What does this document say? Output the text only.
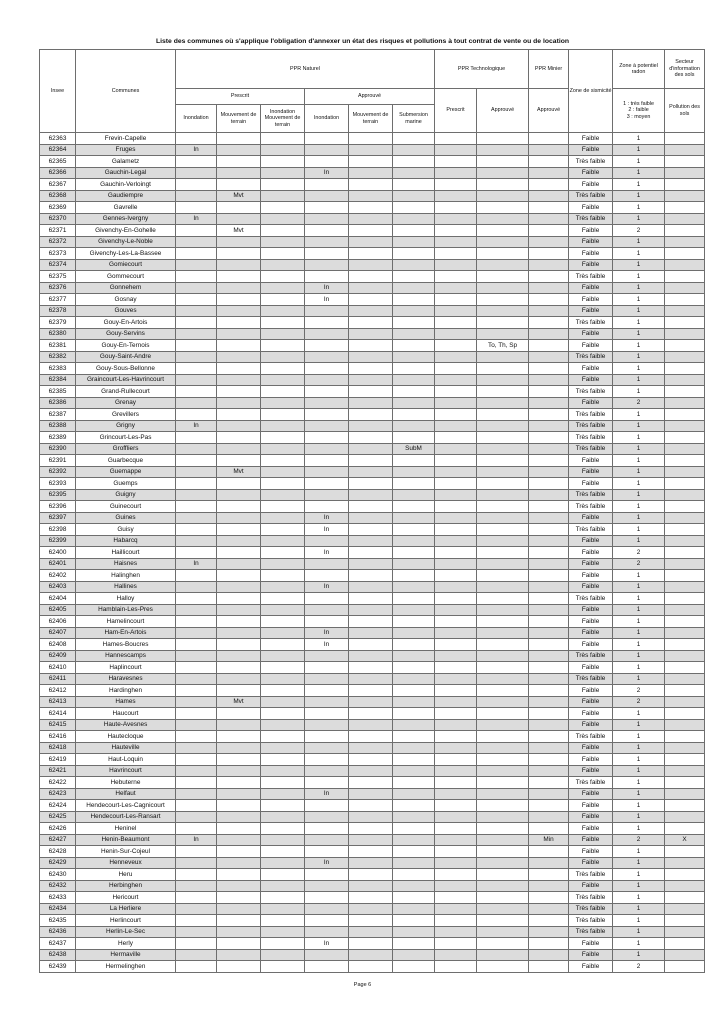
Liste des communes où s'applique l'obligation d'annexer un état des risques et pollutions à tout contrat de vente ou de location
Insee	Communes	PPR Naturel						PPR Technologique		PPR Minier	Zone de sismicité	Zone à potentiel radon	Secteur d'information des sols
		Prescrit			Approuvé			Prescrit	Approuvé	Approuvé		1 : très faible
2 : faible
3 : moyen	Pollution des sols
		Inondation	Mouvement de terrain	Inondation Mouvement de terrain	Inondation	Mouvement de terrain	Submersion marine						
62363	Frevin-Capelle										Faible	1	
62364	Fruges	In									Faible	1	
62365	Galametz										Très faible	1	
62366	Gauchin-Legal				In						Faible	1	
62367	Gauchin-Verloingt										Faible	1	
62368	Gaudiempre		Mvt								Très faible	1	
62369	Gavrelle										Faible	1	
62370	Gennes-Ivergny	In									Très faible	1	
62371	Givenchy-En-Gohelle		Mvt								Faible	2	
62372	Givenchy-Le-Noble										Faible	1	
62373	Givenchy-Les-La-Bassee										Faible	1	
62374	Gomiecourt										Faible	1	
62375	Gommecourt										Très faible	1	
62376	Gonnehem				In						Faible	1	
62377	Gosnay				In						Faible	1	
62378	Gouves										Faible	1	
62379	Gouy-En-Artois										Très faible	1	
62380	Gouy-Servins										Faible	1	
62381	Gouy-En-Ternois								To, Th, Sp		Faible	1	
62382	Gouy-Saint-Andre										Très faible	1	
62383	Gouy-Sous-Bellonne										Faible	1	
62384	Graincourt-Les-Havrincourt										Faible	1	
62385	Grand-Rullecourt										Très faible	1	
62386	Grenay										Faible	2	
62387	Grevillers										Très faible	1	
62388	Grigny	In									Très faible	1	
62389	Grincourt-Les-Pas										Très faible	1	
62390	Groffliers						SubM				Très faible	1	
62391	Guarbecque										Faible	1	
62392	Guemappe		Mvt								Faible	1	
62393	Guemps										Faible	1	
62395	Guigny										Très faible	1	
62396	Guinecourt										Très faible	1	
62397	Guines				In						Faible	1	
62398	Guisy				In						Très faible	1	
62399	Habarcq										Faible	1	
62400	Haillicourt				In						Faible	2	
62401	Haisnes	In									Faible	2	
62402	Halinghen										Faible	1	
62403	Hallines				In						Faible	1	
62404	Halloy										Très faible	1	
62405	Hamblain-Les-Pres										Faible	1	
62406	Hamelincourt										Faible	1	
62407	Ham-En-Artois				In						Faible	1	
62408	Hames-Boucres				In						Faible	1	
62409	Hannescamps										Très faible	1	
62410	Haplincourt										Faible	1	
62411	Haravesnes										Très faible	1	
62412	Hardinghen										Faible	2	
62413	Hames		Mvt								Faible	2	
62414	Haucourt										Faible	1	
62415	Haute-Avesnes										Faible	1	
62416	Hautecloque										Très faible	1	
62418	Hauteville										Faible	1	
62419	Haut-Loquin										Faible	1	
62421	Havrincourt										Faible	1	
62422	Hebuterne										Très faible	1	
62423	Helfaut				In						Faible	1	
62424	Hendecourt-Les-Cagnicourt										Faible	1	
62425	Hendecourt-Les-Ransart										Faible	1	
62426	Heninel										Faible	1	
62427	Henin-Beaumont	In								Min	Faible	2	X
62428	Henin-Sur-Cojeul										Faible	1	
62429	Henneveux				In						Faible	1	
62430	Heru										Très faible	1	
62432	Herbinghen										Faible	1	
62433	Hericourt										Très faible	1	
62434	La Herliere										Très faible	1	
62435	Herlincourt										Très faible	1	
62436	Herlin-Le-Sec										Très faible	1	
62437	Herly				In						Faible	1	
62438	Hermaville										Faible	1	
62439	Hermelinghen										Faible	2	
Page 6
